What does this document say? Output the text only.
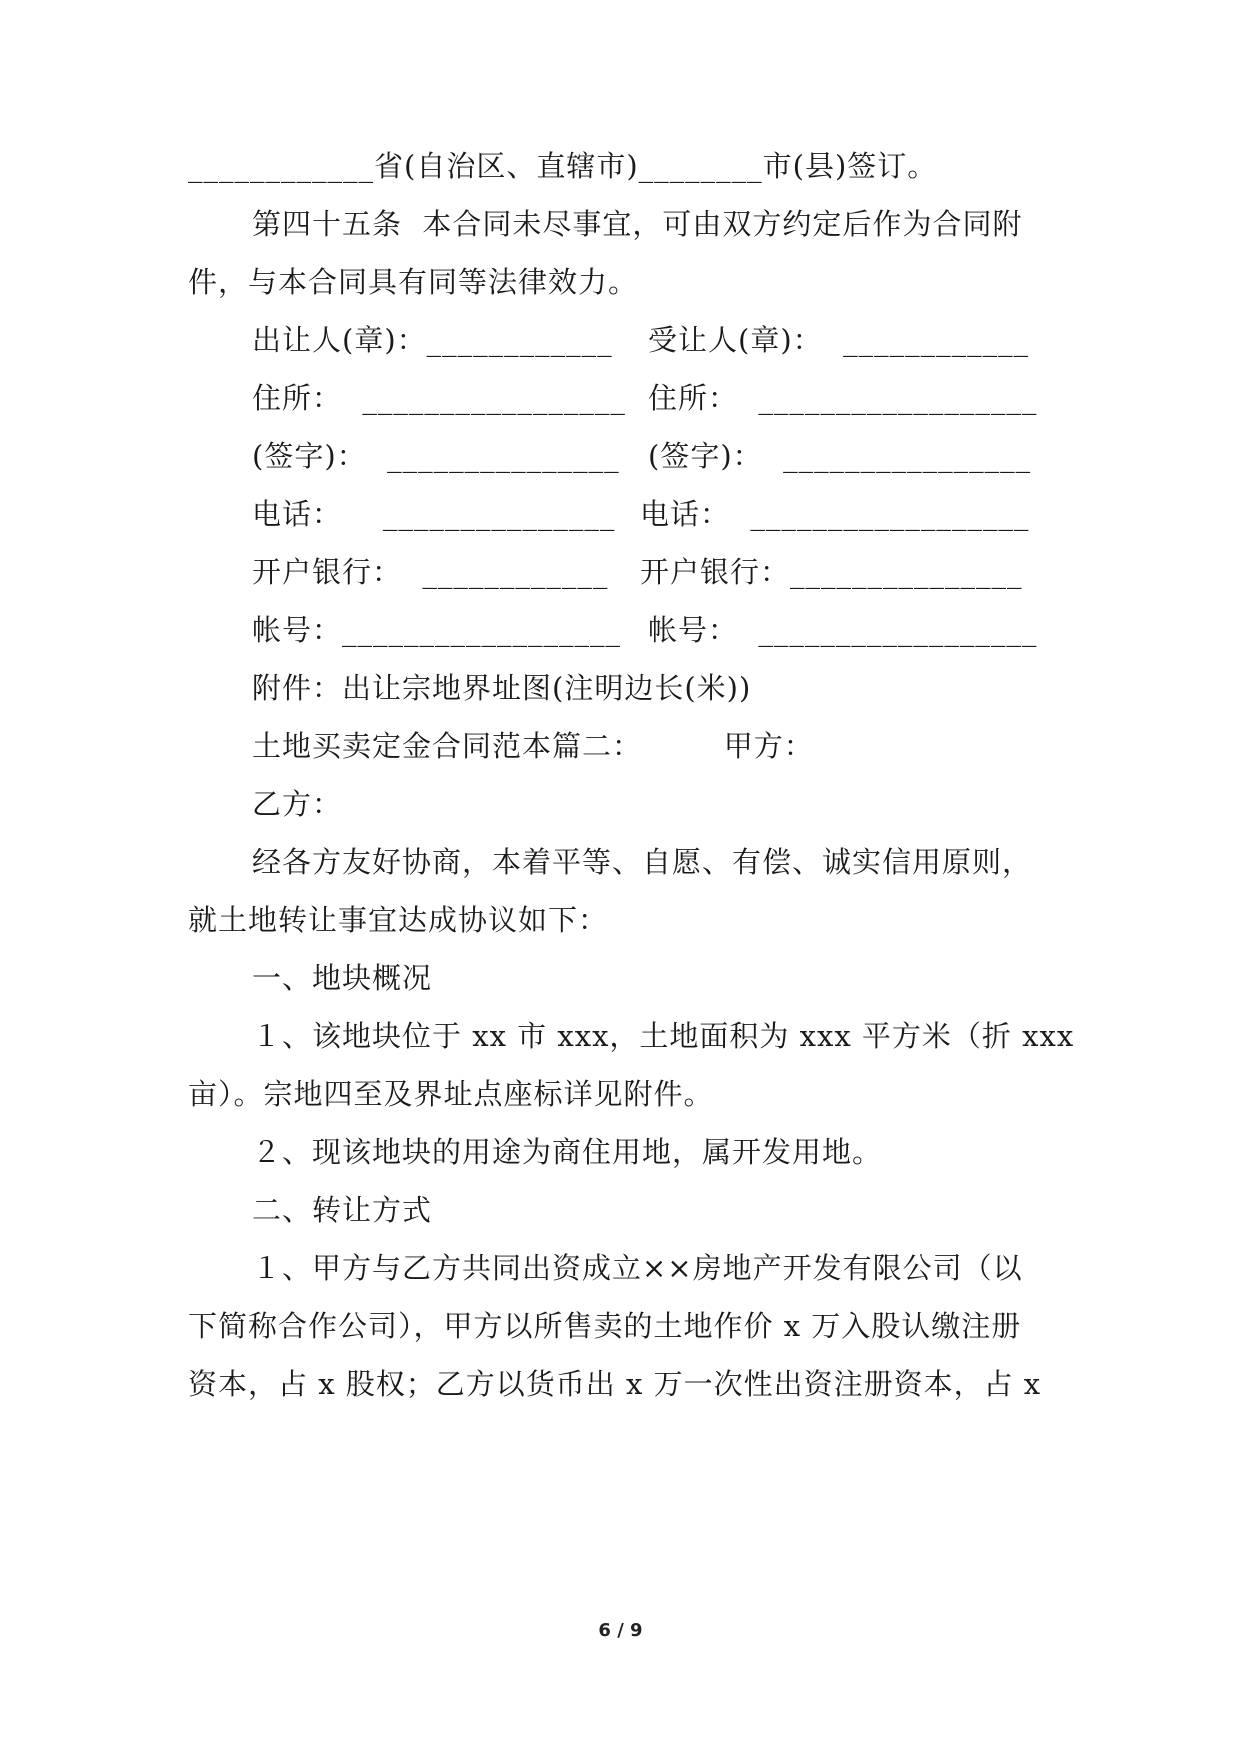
____________省(自治区、直辖市)________市(县)签订。
第四十五条  本合同未尽事宜，可由双方约定后作为合同附
件，与本合同具有同等法律效力。
出让人(章)：____________ 受让人(章)：  ____________
住所：  _________________ 住所：  __________________
(签字)：  _______________ (签字)：  ________________
电话：    _______________ 电话：  __________________
开户银行：  ____________ 开户银行：_______________
帐号：__________________ 帐号：  __________________
附件：出让宗地界址图(注明边长(米))
土地买卖定金合同范本篇二：        甲方：
乙方：
经各方友好协商，本着平等、自愿、有偿、诚实信用原则，
就土地转让事宜达成协议如下：
一、地块概况
１、该地块位于 xx 市 xxx，土地面积为 xxx 平方米（折 xxx
亩）。宗地四至及界址点座标详见附件。
２、现该地块的用途为商住用地，属开发用地。
二、转让方式
１、甲方与乙方共同出资成立××房地产开发有限公司（以
下简称合作公司），甲方以所售卖的土地作价 x 万入股认缴注册
资本，占 x 股权；乙方以货币出 x 万一次性出资注册资本，占 x
6 / 9
